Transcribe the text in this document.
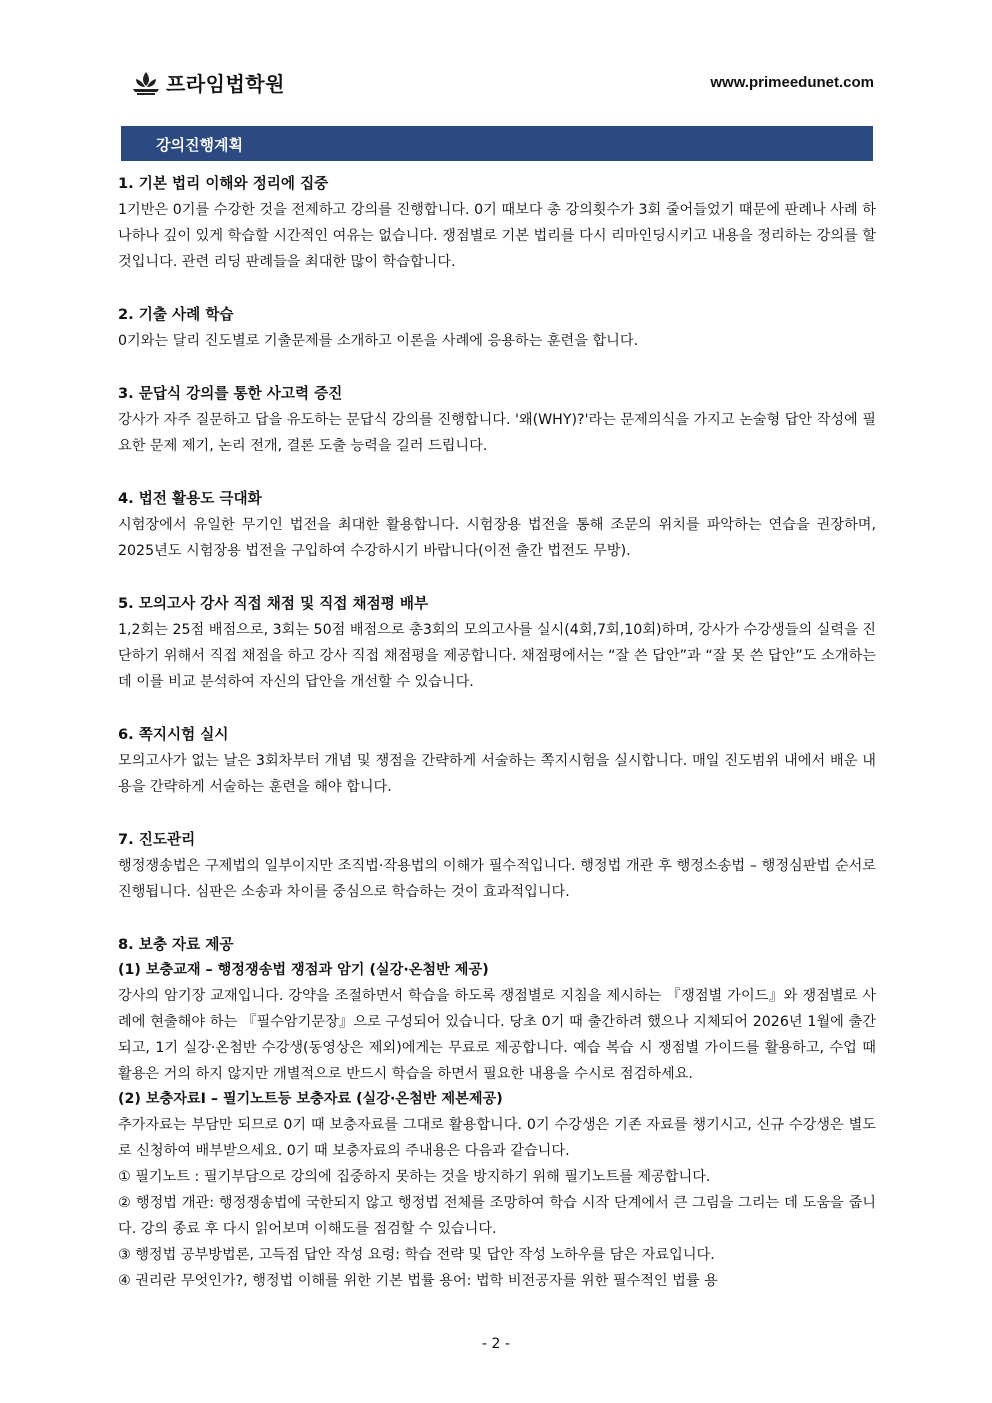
프라임법학원	www.primeedunet.com
강의진행계획
1. 기본 법리 이해와 정리에 집중

1기반은 0기를 수강한 것을 전제하고 강의를 진행합니다. 0기 때보다 총 강의횟수가 3회 줄어들었기 때문에 판례나 사례 하나하나 깊이 있게 학습할 시간적인 여유는 없습니다. 쟁점별로 기본 법리를 다시 리마인딩시키고 내용을 정리하는 강의를 할 것입니다. 관련 리딩 판례들을 최대한 많이 학습합니다.

2. 기출 사례 학습

0기와는 달리 진도별로 기출문제를 소개하고 이론을 사례에 응용하는 훈련을 합니다.

3. 문답식 강의를 통한 사고력 증진

강사가 자주 질문하고 답을 유도하는 문답식 강의를 진행합니다. '왜(WHY)?'라는 문제의식을 가지고 논술형 답안 작성에 필요한 문제 제기, 논리 전개, 결론 도출 능력을 길러 드립니다.

4. 법전 활용도 극대화

시험장에서 유일한 무기인 법전을 최대한 활용합니다. 시험장용 법전을 통해 조문의 위치를 파악하는 연습을 권장하며, 2025년도 시험장용 법전을 구입하여 수강하시기 바랍니다(이전 출간 법전도 무방).

5. 모의고사 강사 직접 채점 및 직접 채점평 배부

1,2회는 25점 배점으로, 3회는 50점 배점으로 총3회의 모의고사를 실시(4회,7회,10회)하며, 강사가 수강생들의 실력을 진단하기 위해서 직접 채점을 하고 강사 직접 채점평을 제공합니다. 채점평에서는 “잘 쓴 답안”과 “잘 못 쓴 답안”도 소개하는데 이를 비교 분석하여 자신의 답안을 개선할 수 있습니다.

6. 쪽지시험 실시

모의고사가 없는 날은 3회차부터 개념 및 쟁점을 간략하게 서술하는 쪽지시험을 실시합니다. 매일 진도범위 내에서 배운 내용을 간략하게 서술하는 훈련을 해야 합니다.

7. 진도관리

행정쟁송법은 구제법의 일부이지만 조직법·작용법의 이해가 필수적입니다. 행정법 개관 후 행정소송법 – 행정심판법 순서로 진행됩니다. 심판은 소송과 차이를 중심으로 학습하는 것이 효과적입니다.

8. 보충 자료 제공
(1) 보충교재 – 행정쟁송법 쟁점과 암기 (실강·온첨반 제공)

강사의 암기장 교재입니다. 강약을 조절하면서 학습을 하도록 쟁점별로 지침을 제시하는 『쟁점별 가이드』와 쟁점별로 사례에 현출해야 하는 『필수암기문장』으로 구성되어 있습니다. 당초 0기 때 출간하려 했으나 지체되어 2026년 1월에 출간되고, 1기 실강·온첨반 수강생(동영상은 제외)에게는 무료로 제공합니다. 예습 복습 시 쟁점별 가이드를 활용하고, 수업 때 활용은 거의 하지 않지만 개별적으로 반드시 학습을 하면서 필요한 내용을 수시로 점검하세요.

(2) 보충자료Ⅰ – 필기노트등 보충자료 (실강·온첨반 제본제공)

추가자료는 부담만 되므로 0기 때 보충자료를 그대로 활용합니다. 0기 수강생은 기존 자료를 챙기시고, 신규 수강생은 별도로 신청하여 배부받으세요. 0기 때 보충자료의 주내용은 다음과 같습니다.

① 필기노트 : 필기부담으로 강의에 집중하지 못하는 것을 방지하기 위해 필기노트를 제공합니다.

② 행정법 개관: 행정쟁송법에 국한되지 않고 행정법 전체를 조망하여 학습 시작 단계에서 큰 그림을 그리는 데 도움을 줍니다. 강의 종료 후 다시 읽어보며 이해도를 점검할 수 있습니다.

③ 행정법 공부방법론, 고득점 답안 작성 요령: 학습 전략 및 답안 작성 노하우를 담은 자료입니다.

④ 권리란 무엇인가?, 행정법 이해를 위한 기본 법률 용어: 법학 비전공자를 위한 필수적인 법률 용

- 2 -
